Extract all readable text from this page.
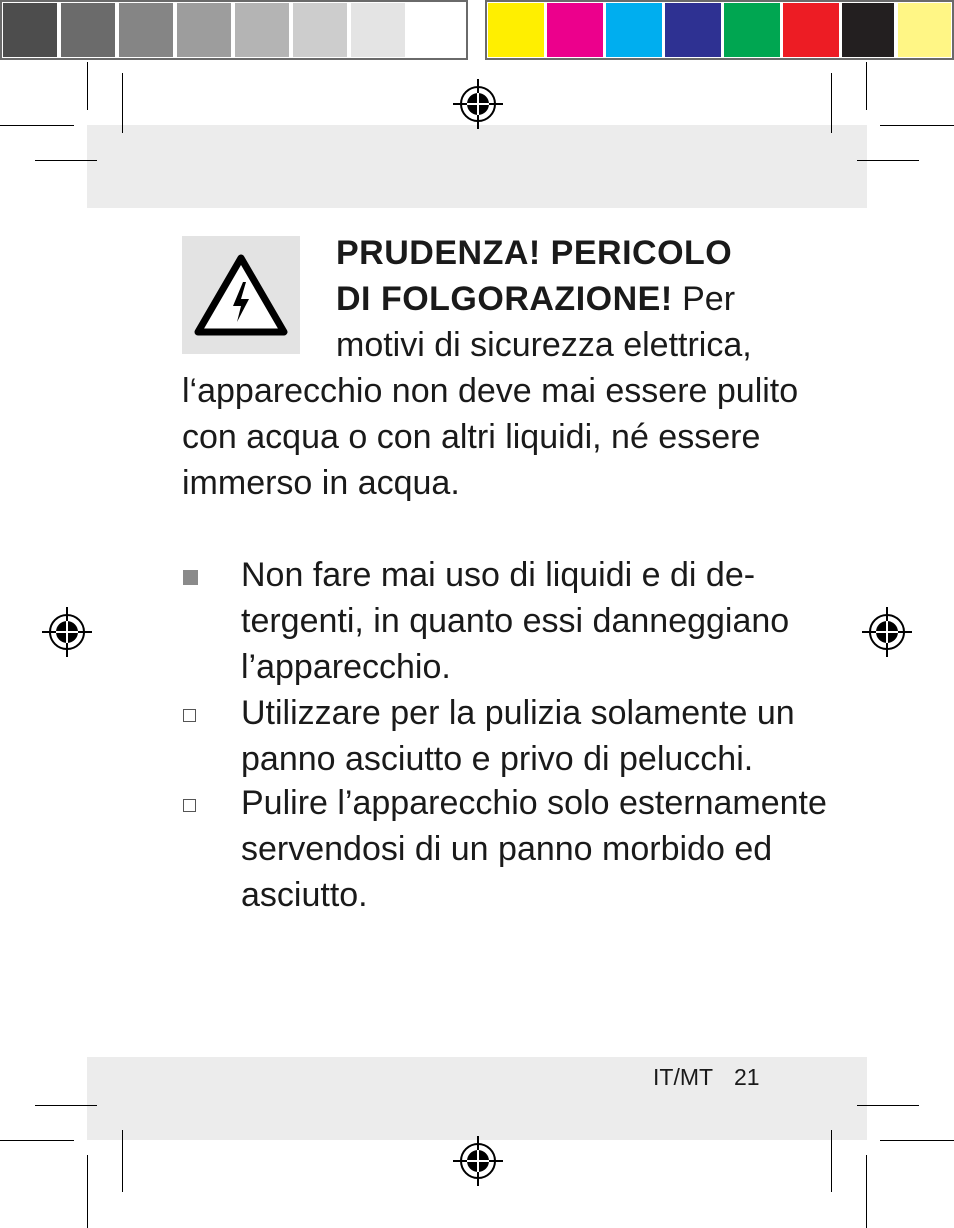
PRUDENZA! PERICOLO
DI FOLGORAZIONE! Per
motivi di sicurezza elettrica,
l‘apparecchio non deve mai essere pulito
con acqua o con altri liquidi, né essere
immerso in acqua.
Non fare mai uso di liquidi e di de-
tergenti, in quanto essi danneggiano
l’apparecchio.
Utilizzare per la pulizia solamente un
panno asciutto e privo di pelucchi.
Pulire l’apparecchio solo esternamente
servendosi di un panno morbido ed
asciutto.
IT/MT 21
